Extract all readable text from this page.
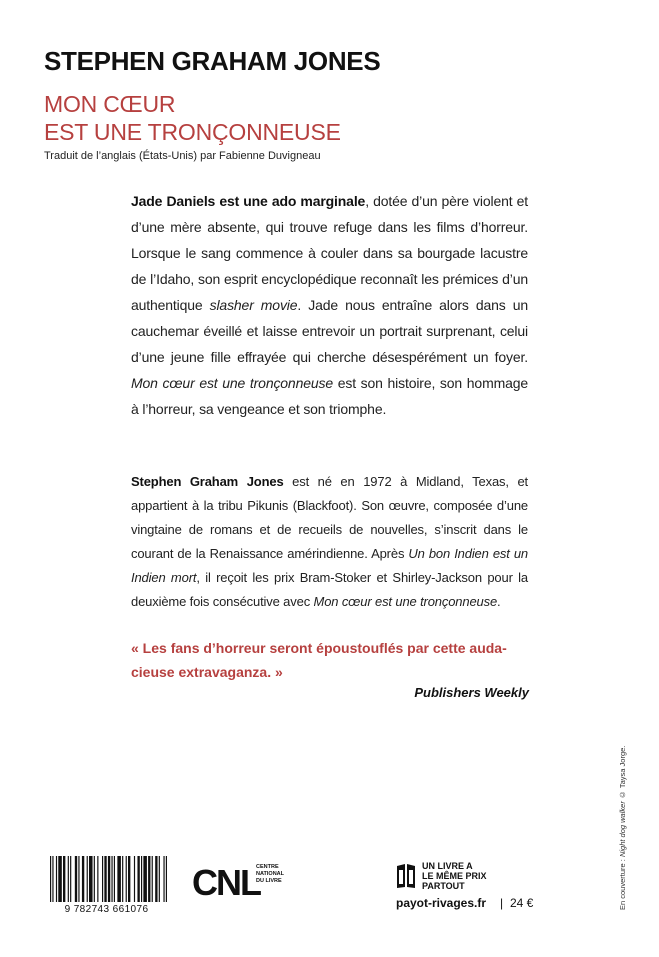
STEPHEN GRAHAM JONES
MON CŒUR
EST UNE TRONÇONNEUSE
Traduit de l’anglais (États-Unis) par Fabienne Duvigneau
Jade Daniels est une ado marginale, dotée d’un père violent et d’une mère absente, qui trouve refuge dans les films d’horreur. Lorsque le sang commence à couler dans sa bourgade lacustre de l’Idaho, son esprit encyclopédique reconnaît les prémices d’un authentique slasher movie. Jade nous entraîne alors dans un cauchemar éveillé et laisse entrevoir un portrait surprenant, celui d’une jeune fille effrayée qui cherche désespérément un foyer. Mon cœur est une tronçonneuse est son histoire, son hommage à l’horreur, sa vengeance et son triomphe.
Stephen Graham Jones est né en 1972 à Midland, Texas, et appartient à la tribu Pikunis (Blackfoot). Son œuvre, composée d’une vingtaine de romans et de recueils de nouvelles, s’inscrit dans le courant de la Renaissance amérindienne. Après Un bon Indien est un Indien mort, il reçoit les prix Bram-Stoker et Shirley-Jackson pour la deuxième fois consécutive avec Mon cœur est une tronçonneuse.
« Les fans d’horreur seront époustouflés par cette auda-cieuse extravaganza. »
Publishers Weekly
En couverture : Night dog walker © Taysa Jorge.
9 782743 661076
CNL
CENTRE
NATIONAL
DU LIVRE
UN LIVRE A
LE MÊME PRIX
PARTOUT
payot-rivages.fr | 24 €
